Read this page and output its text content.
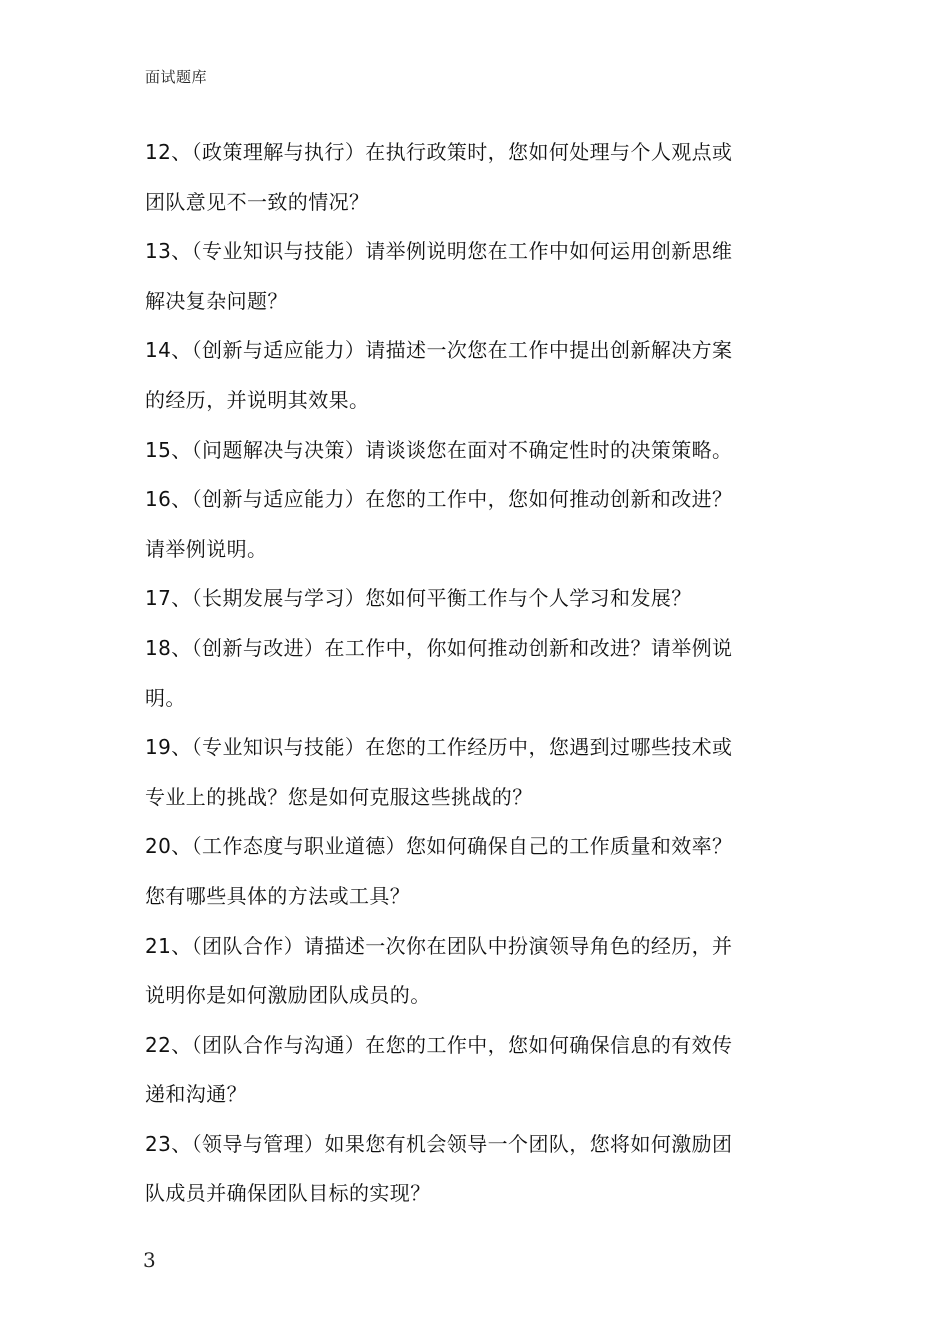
面试题库
12、（政策理解与执行）在执行政策时，您如何处理与个人观点或
团队意见不一致的情况？
13、（专业知识与技能）请举例说明您在工作中如何运用创新思维
解决复杂问题？
14、（创新与适应能力）请描述一次您在工作中提出创新解决方案
的经历，并说明其效果。
15、（问题解决与决策）请谈谈您在面对不确定性时的决策策略。
16、（创新与适应能力）在您的工作中，您如何推动创新和改进？
请举例说明。
17、（长期发展与学习）您如何平衡工作与个人学习和发展？
18、（创新与改进）在工作中，你如何推动创新和改进？请举例说
明。
19、（专业知识与技能）在您的工作经历中，您遇到过哪些技术或
专业上的挑战？您是如何克服这些挑战的？
20、（工作态度与职业道德）您如何确保自己的工作质量和效率？
您有哪些具体的方法或工具？
21、（团队合作）请描述一次你在团队中扮演领导角色的经历，并
说明你是如何激励团队成员的。
22、（团队合作与沟通）在您的工作中，您如何确保信息的有效传
递和沟通？
23、（领导与管理）如果您有机会领导一个团队，您将如何激励团
队成员并确保团队目标的实现？
3
